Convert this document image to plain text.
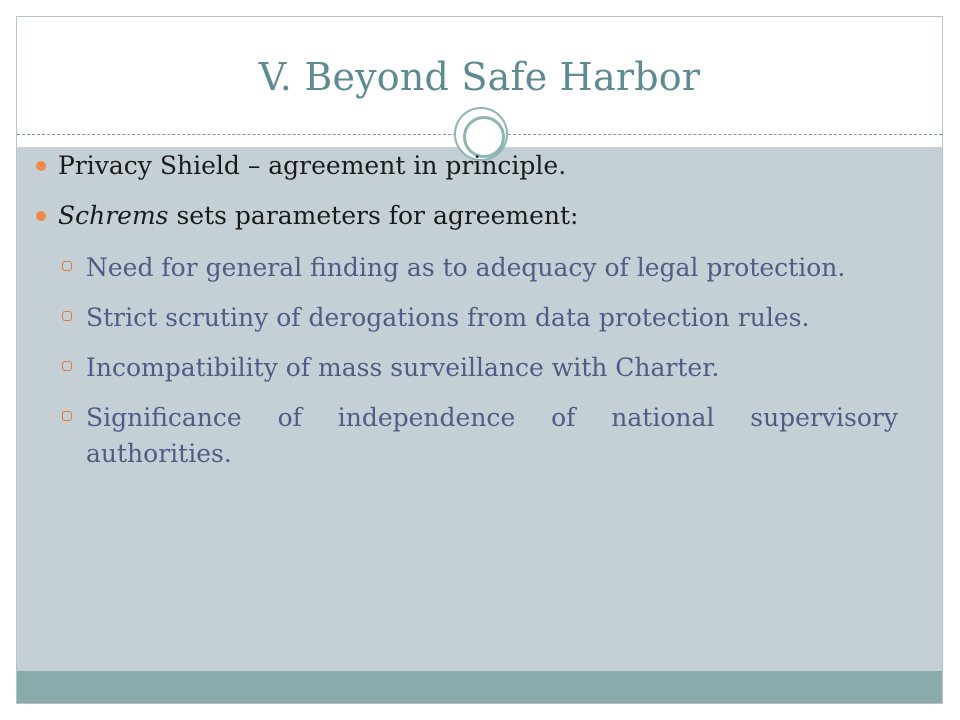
V. Beyond Safe Harbor
Privacy Shield – agreement in principle.
Schrems sets parameters for agreement:
Need for general finding as to adequacy of legal protection.
Strict scrutiny of derogations from data protection rules.
Incompatibility of mass surveillance with Charter.
Significance of independence of national supervisory authorities.
